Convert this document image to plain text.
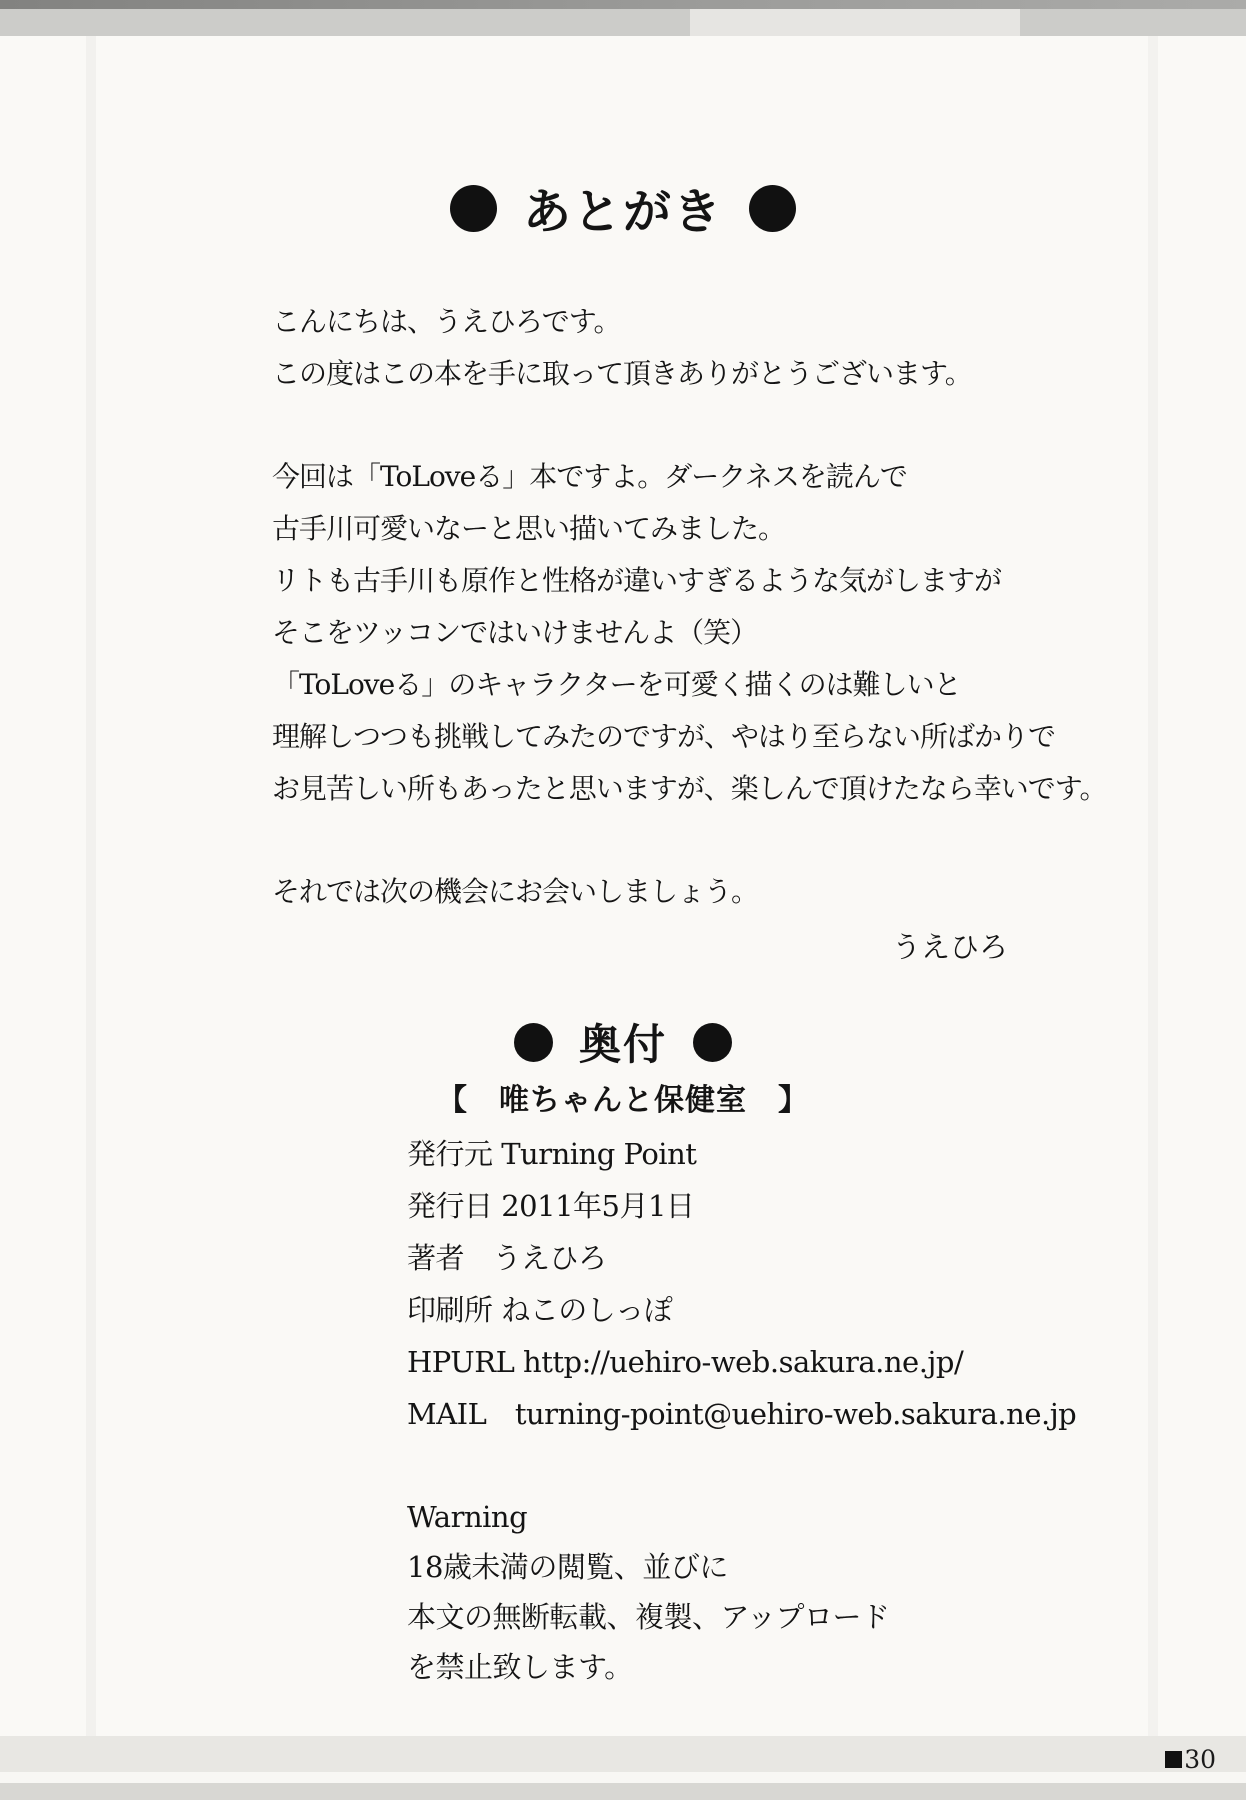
あとがき
こんにちは、うえひろです。
この度はこの本を手に取って頂きありがとうございます。
今回は「ToLoveる」本ですよ。ダークネスを読んで
古手川可愛いなーと思い描いてみました。
リトも古手川も原作と性格が違いすぎるような気がしますが
そこをツッコンではいけませんよ（笑）
「ToLoveる」のキャラクターを可愛く描くのは難しいと
理解しつつも挑戦してみたのですが、やはり至らない所ばかりで
お見苦しい所もあったと思いますが、楽しんで頂けたなら幸いです。
それでは次の機会にお会いしましょう。
うえひろ
奥付
【　唯ちゃんと保健室　】
発行元 Turning Point
発行日 2011年5月1日
著者　うえひろ
印刷所 ねこのしっぽ
HPURL http://uehiro-web.sakura.ne.jp/
MAIL　turning-point@uehiro-web.sakura.ne.jp
Warning
18歳未満の閲覧、並びに
本文の無断転載、複製、アップロード
を禁止致します。
30
